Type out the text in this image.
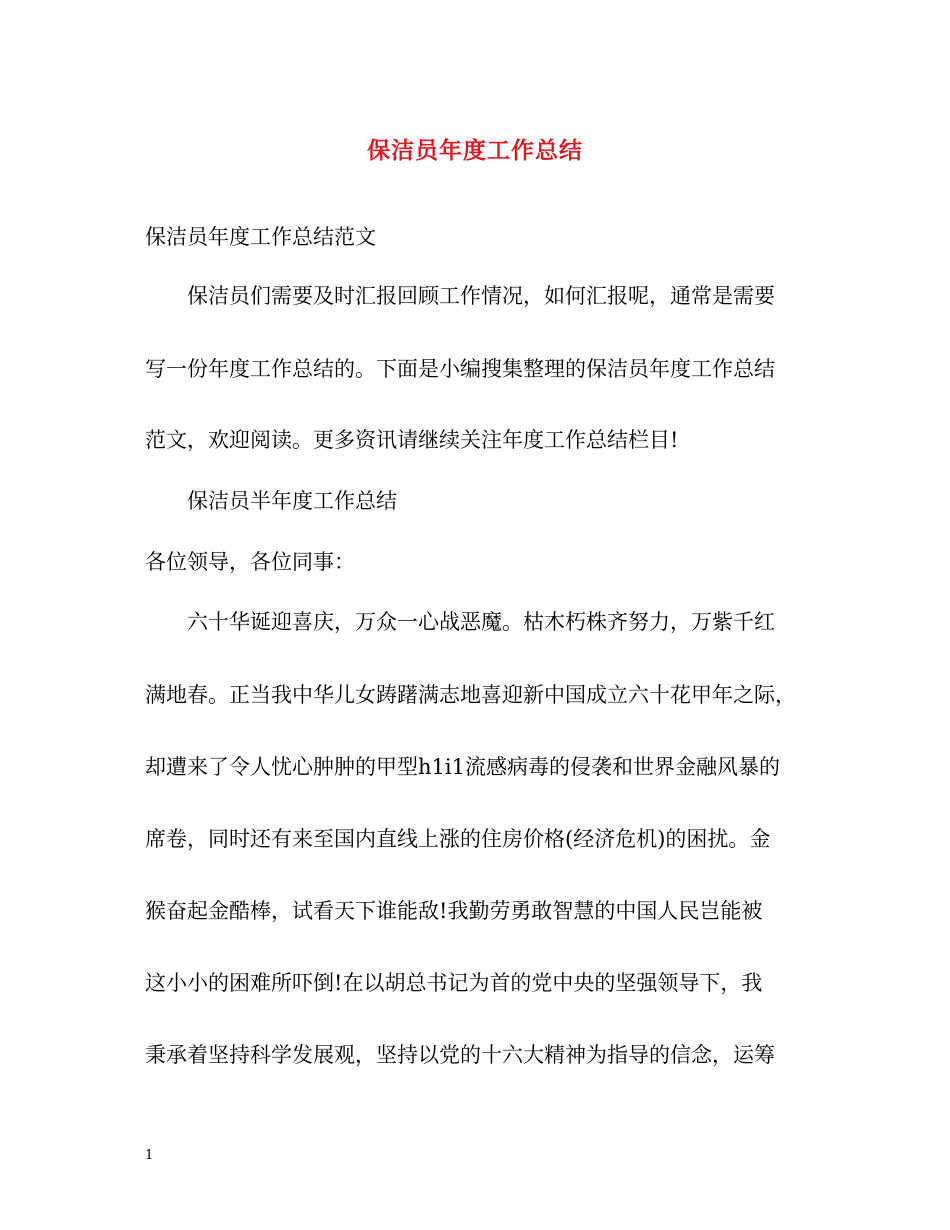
保洁员年度工作总结

保洁员年度工作总结范文

保洁员们需要及时汇报回顾工作情况，如何汇报呢，通常是需要

写一份年度工作总结的。下面是小编搜集整理的保洁员年度工作总结

范文，欢迎阅读。更多资讯请继续关注年度工作总结栏目!

保洁员半年度工作总结

各位领导，各位同事：

六十华诞迎喜庆，万众一心战恶魔。枯木朽株齐努力，万紫千红

满地春。正当我中华儿女踌躇满志地喜迎新中国成立六十花甲年之际，

却遭来了令人忧心肿肿的甲型h1i1流感病毒的侵袭和世界金融风暴的

席卷，同时还有来至国内直线上涨的住房价格(经济危机)的困扰。金

猴奋起金酷棒，试看天下谁能敌!我勤劳勇敢智慧的中国人民岂能被

这小小的困难所吓倒!在以胡总书记为首的党中央的坚强领导下，我

秉承着坚持科学发展观，坚持以党的十六大精神为指导的信念，运筹

1
